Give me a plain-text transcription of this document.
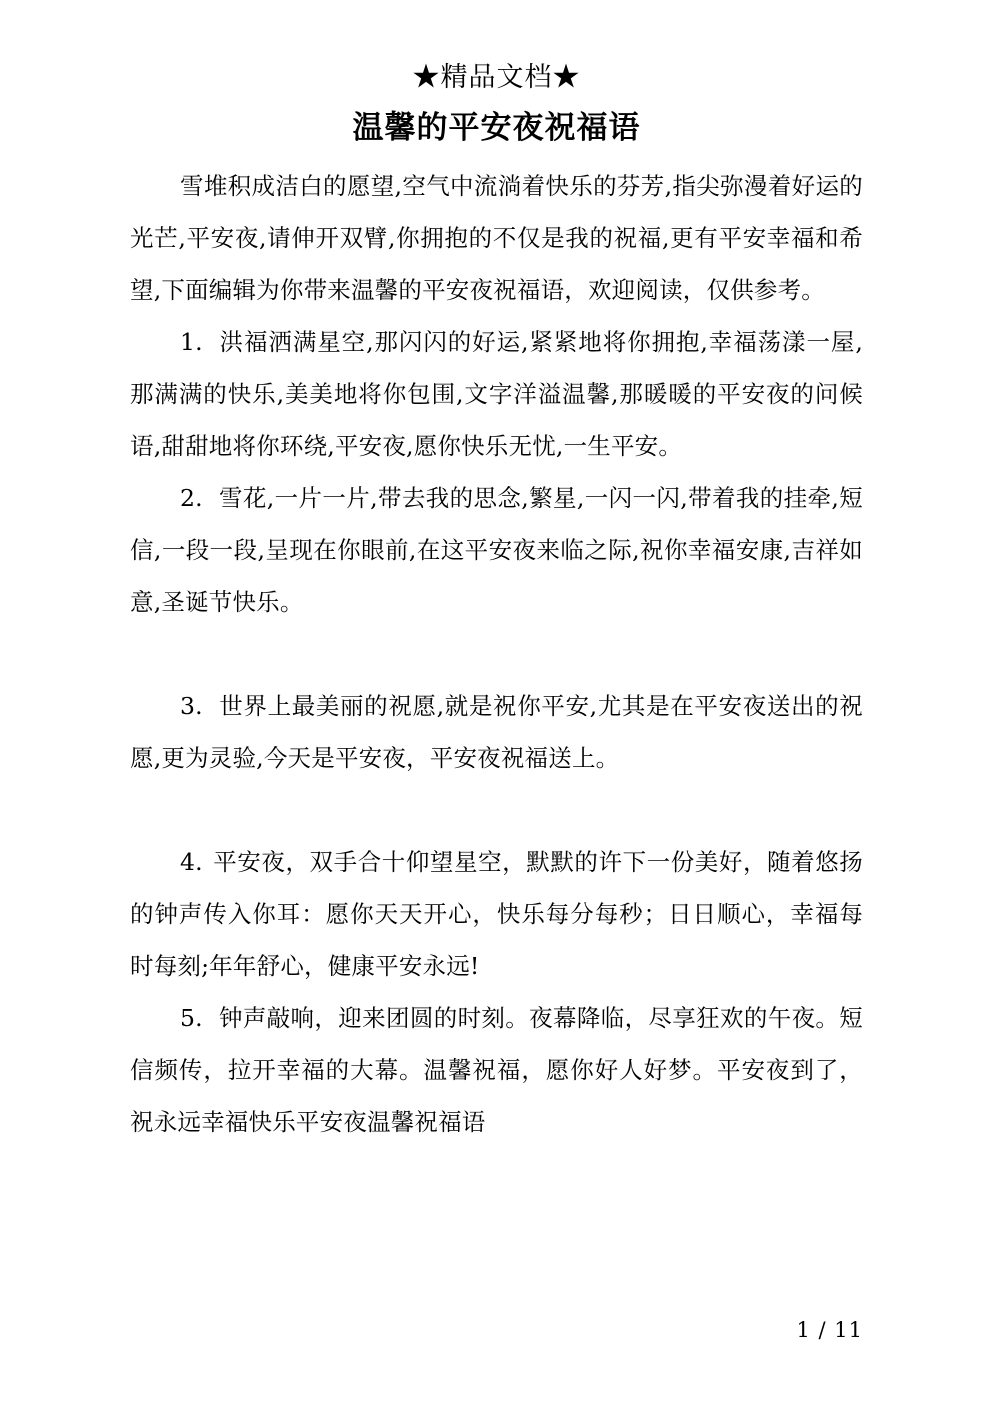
★精品文档★
温馨的平安夜祝福语

雪堆积成洁白的愿望,空气中流淌着快乐的芬芳,指尖弥漫着好运的光芒,平安夜,请伸开双臂,你拥抱的不仅是我的祝福,更有平安幸福和希望,下面编辑为你带来温馨的平安夜祝福语，欢迎阅读，仅供参考。

1. 洪福洒满星空,那闪闪的好运,紧紧地将你拥抱,幸福荡漾一屋,那满满的快乐,美美地将你包围,文字洋溢温馨,那暖暖的平安夜的问候语,甜甜地将你环绕,平安夜,愿你快乐无忧,一生平安。

2. 雪花,一片一片,带去我的思念,繁星,一闪一闪,带着我的挂牵,短信,一段一段,呈现在你眼前,在这平安夜来临之际,祝你幸福安康,吉祥如意,圣诞节快乐。

3. 世界上最美丽的祝愿,就是祝你平安,尤其是在平安夜送出的祝愿,更为灵验,今天是平安夜，平安夜祝福送上。

4. 平安夜，双手合十仰望星空，默默的许下一份美好，随着悠扬的钟声传入你耳：愿你天天开心，快乐每分每秒；日日顺心，幸福每时每刻;年年舒心，健康平安永远!

5. 钟声敲响，迎来团圆的时刻。夜幕降临，尽享狂欢的午夜。短信频传，拉开幸福的大幕。温馨祝福，愿你好人好梦。平安夜到了，祝永远幸福快乐平安夜温馨祝福语

1 / 11
